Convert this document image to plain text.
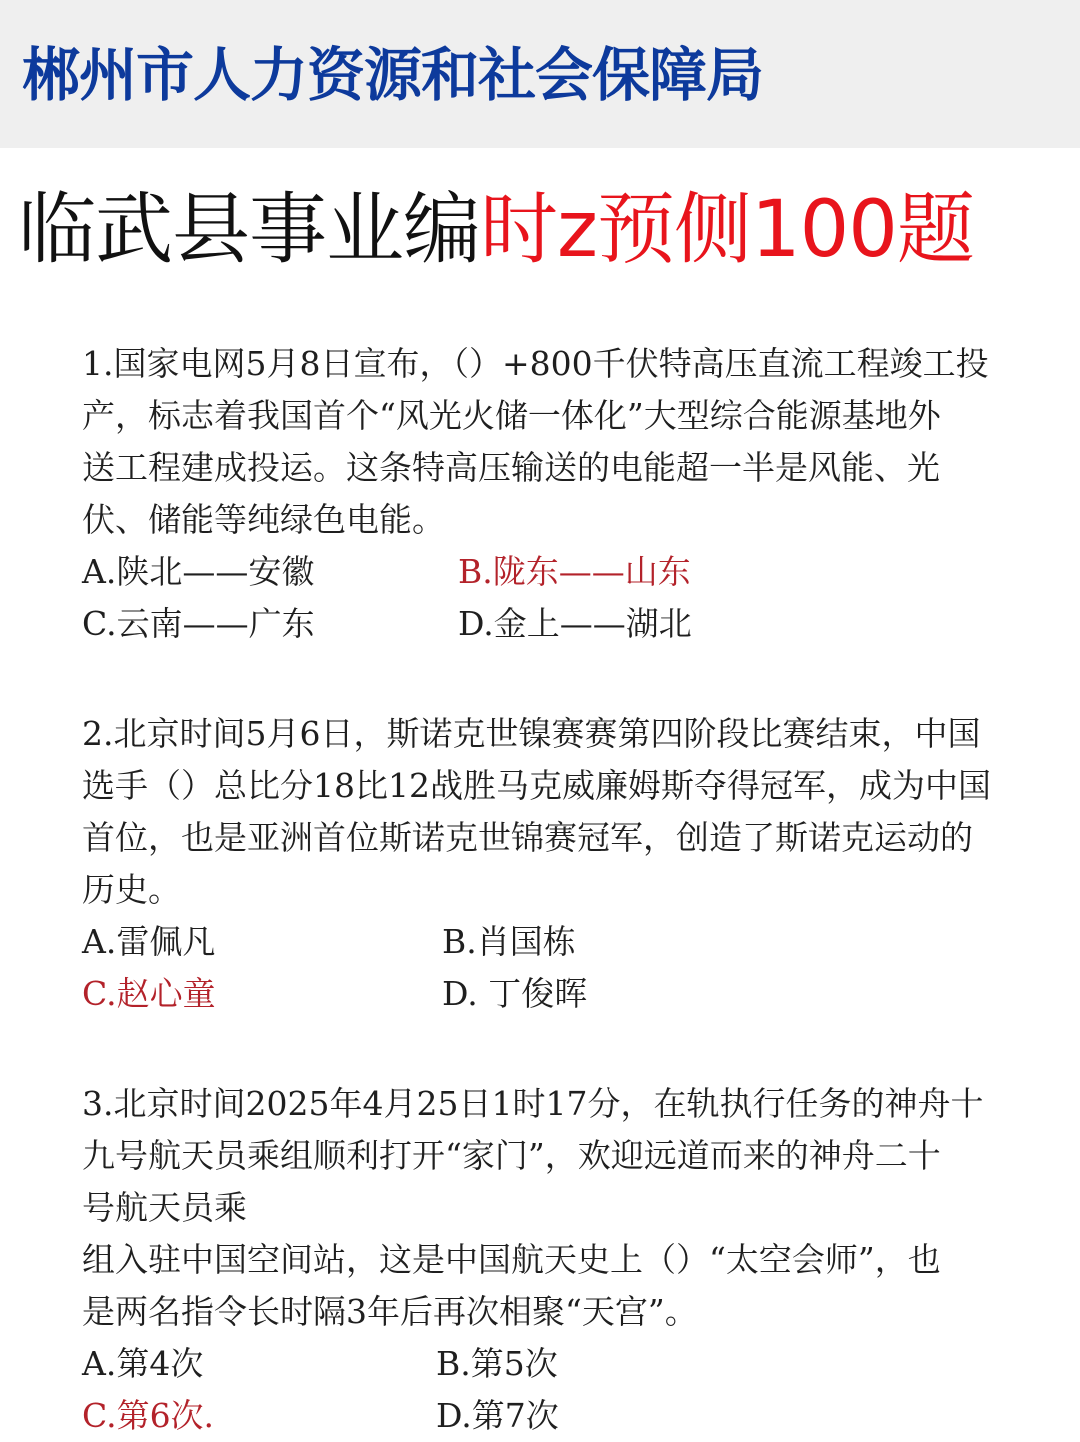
郴州市人力资源和社会保障局
临武县事业编时z预侧100题
1.国家电网5月8日宣布，（）+800千伏特高压直流工程竣工投
产，标志着我国首个“风光火储一体化”大型综合能源基地外
送工程建成投运。这条特高压输送的电能超一半是风能、光
伏、储能等纯绿色电能。
A.陕北——安徽	B.陇东——山东
C.云南——广东	D.金上——湖北
2.北京时间5月6日，斯诺克世镍赛赛第四阶段比赛结束，中国
选手（）总比分18比12战胜马克威廉姆斯夺得冠军，成为中国
首位，也是亚洲首位斯诺克世锦赛冠军，创造了斯诺克运动的
历史。
A.雷佩凡	B.肖国栋
C.赵心童	D. 丁俊晖
3.北京时间2025年4月25日1时17分，在轨执行任务的神舟十
九号航天员乘组顺利打开“家门”，欢迎远道而来的神舟二十
号航天员乘
组入驻中国空间站，这是中国航天史上（）“太空会师”，也
是两名指令长时隔3年后再次相聚“天宫”。
A.第4次	B.第5次
C.第6次.	D.第7次
